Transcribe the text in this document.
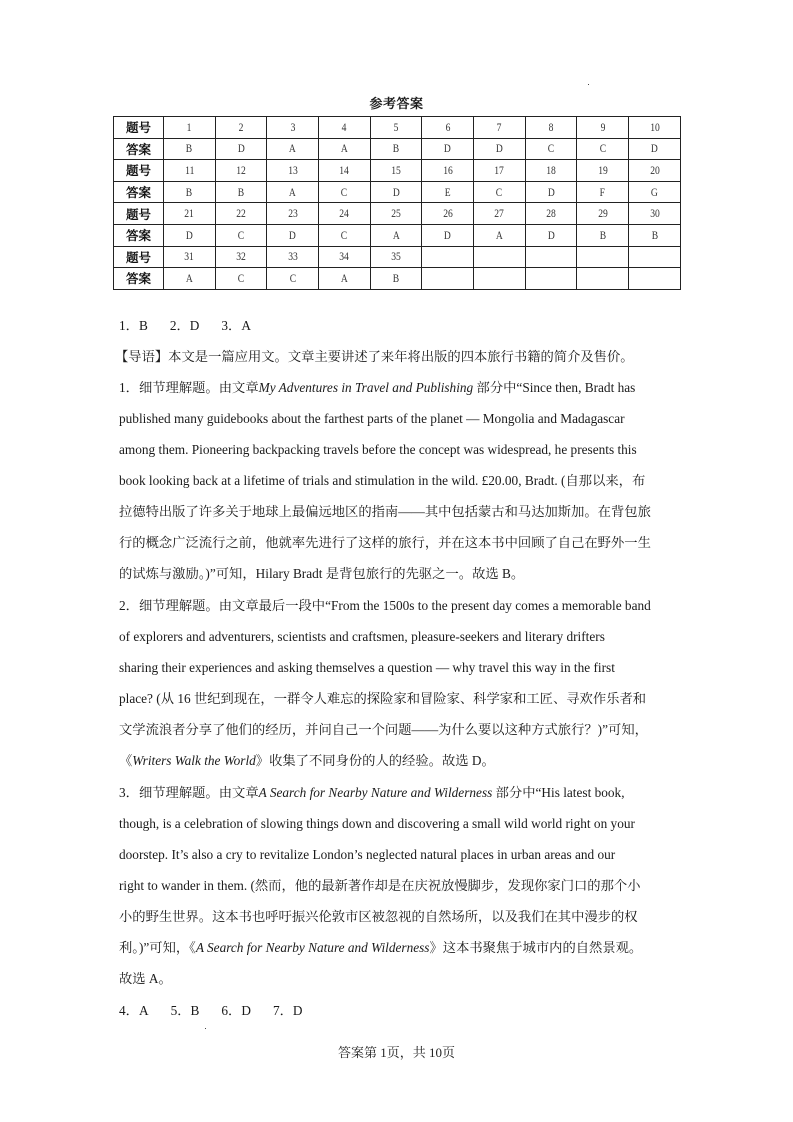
参考答案
题号	1	2	3	4	5	6	7	8	9	10
答案	B	D	A	A	B	D	D	C	C	D
题号	11	12	13	14	15	16	17	18	19	20
答案	B	B	A	C	D	E	C	D	F	G
题号	21	22	23	24	25	26	27	28	29	30
答案	D	C	D	C	A	D	A	D	B	B
题号	31	32	33	34	35					
答案	A	C	C	A	B					
1．B 2．D 3．A
【导语】本文是一篇应用文。文章主要讲述了来年将出版的四本旅行书籍的简介及售价。
1．细节理解题。由文章My Adventures in Travel and Publishing 部分中“Since then, Bradt has
published many guidebooks about the farthest parts of the planet — Mongolia and Madagascar
among them. Pioneering backpacking travels before the concept was widespread, he presents this
book looking back at a lifetime of trials and stimulation in the wild. £20.00, Bradt. (自那以来，布
拉德特出版了许多关于地球上最偏远地区的指南——其中包括蒙古和马达加斯加。在背包旅
行的概念广泛流行之前，他就率先进行了这样的旅行，并在这本书中回顾了自己在野外一生
的试炼与激励。)”可知，Hilary Bradt 是背包旅行的先驱之一。故选 B。
2．细节理解题。由文章最后一段中“From the 1500s to the present day comes a memorable band
of explorers and adventurers, scientists and craftsmen, pleasure-seekers and literary drifters
sharing their experiences and asking themselves a question — why travel this way in the first
place? (从 16 世纪到现在，一群令人难忘的探险家和冒险家、科学家和工匠、寻欢作乐者和
文学流浪者分享了他们的经历，并问自己一个问题——为什么要以这种方式旅行？)”可知，
《Writers Walk the World》收集了不同身份的人的经验。故选 D。
3．细节理解题。由文章A Search for Nearby Nature and Wilderness 部分中“His latest book,
though, is a celebration of slowing things down and discovering a small wild world right on your
doorstep. It’s also a cry to revitalize London’s neglected natural places in urban areas and our
right to wander in them. (然而，他的最新著作却是在庆祝放慢脚步，发现你家门口的那个小
小的野生世界。这本书也呼吁振兴伦敦市区被忽视的自然场所，以及我们在其中漫步的权
利。)”可知，《A Search for Nearby Nature and Wilderness》这本书聚焦于城市内的自然景观。
故选 A。
4．A 5．B 6．D 7．D
答案第 1页，共 10页
